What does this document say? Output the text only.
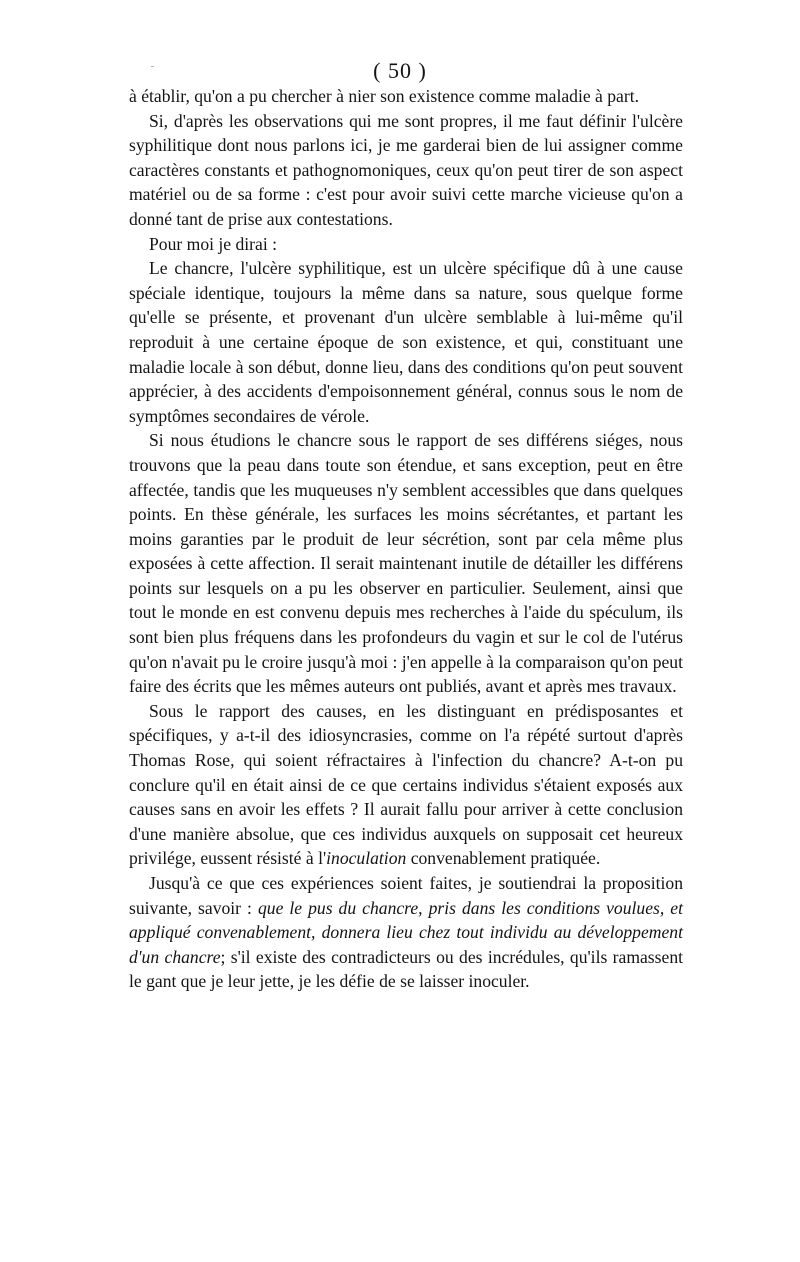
( 50 )

à établir, qu'on a pu chercher à nier son existence comme maladie à part.

Si, d'après les observations qui me sont propres, il me faut définir l'ulcère syphilitique dont nous parlons ici, je me garderai bien de lui assigner comme caractères constants et pathognomoniques, ceux qu'on peut tirer de son aspect matériel ou de sa forme : c'est pour avoir suivi cette marche vicieuse qu'on a donné tant de prise aux contestations.

Pour moi je dirai :

Le chancre, l'ulcère syphilitique, est un ulcère spécifique dû à une cause spéciale identique, toujours la même dans sa nature, sous quelque forme qu'elle se présente, et provenant d'un ulcère semblable à lui-même qu'il reproduit à une certaine époque de son existence, et qui, constituant une maladie locale à son début, donne lieu, dans des conditions qu'on peut souvent apprécier, à des accidents d'empoisonnement général, connus sous le nom de symptômes secondaires de vérole.

Si nous étudions le chancre sous le rapport de ses différens siéges, nous trouvons que la peau dans toute son étendue, et sans exception, peut en être affectée, tandis que les muqueuses n'y semblent accessibles que dans quelques points. En thèse générale, les surfaces les moins sécrétantes, et partant les moins garanties par le produit de leur sécrétion, sont par cela même plus exposées à cette affection. Il serait maintenant inutile de détailler les différens points sur lesquels on a pu les observer en particulier. Seulement, ainsi que tout le monde en est convenu depuis mes recherches à l'aide du spéculum, ils sont bien plus fréquens dans les profondeurs du vagin et sur le col de l'utérus qu'on n'avait pu le croire jusqu'à moi : j'en appelle à la comparaison qu'on peut faire des écrits que les mêmes auteurs ont publiés, avant et après mes travaux.

Sous le rapport des causes, en les distinguant en prédisposantes et spécifiques, y a-t-il des idiosyncrasies, comme on l'a répété surtout d'après Thomas Rose, qui soient réfractaires à l'infection du chancre? A-t-on pu conclure qu'il en était ainsi de ce que certains individus s'étaient exposés aux causes sans en avoir les effets ? Il aurait fallu pour arriver à cette conclusion d'une manière absolue, que ces individus auxquels on supposait cet heureux privilége, eussent résisté à l'inoculation convenablement pratiquée.

Jusqu'à ce que ces expériences soient faites, je soutiendrai la proposition suivante, savoir : que le pus du chancre, pris dans les conditions voulues, et appliqué convenablement, donnera lieu chez tout individu au développement d'un chancre; s'il existe des contradicteurs ou des incrédules, qu'ils ramassent le gant que je leur jette, je les défie de se laisser inoculer.
